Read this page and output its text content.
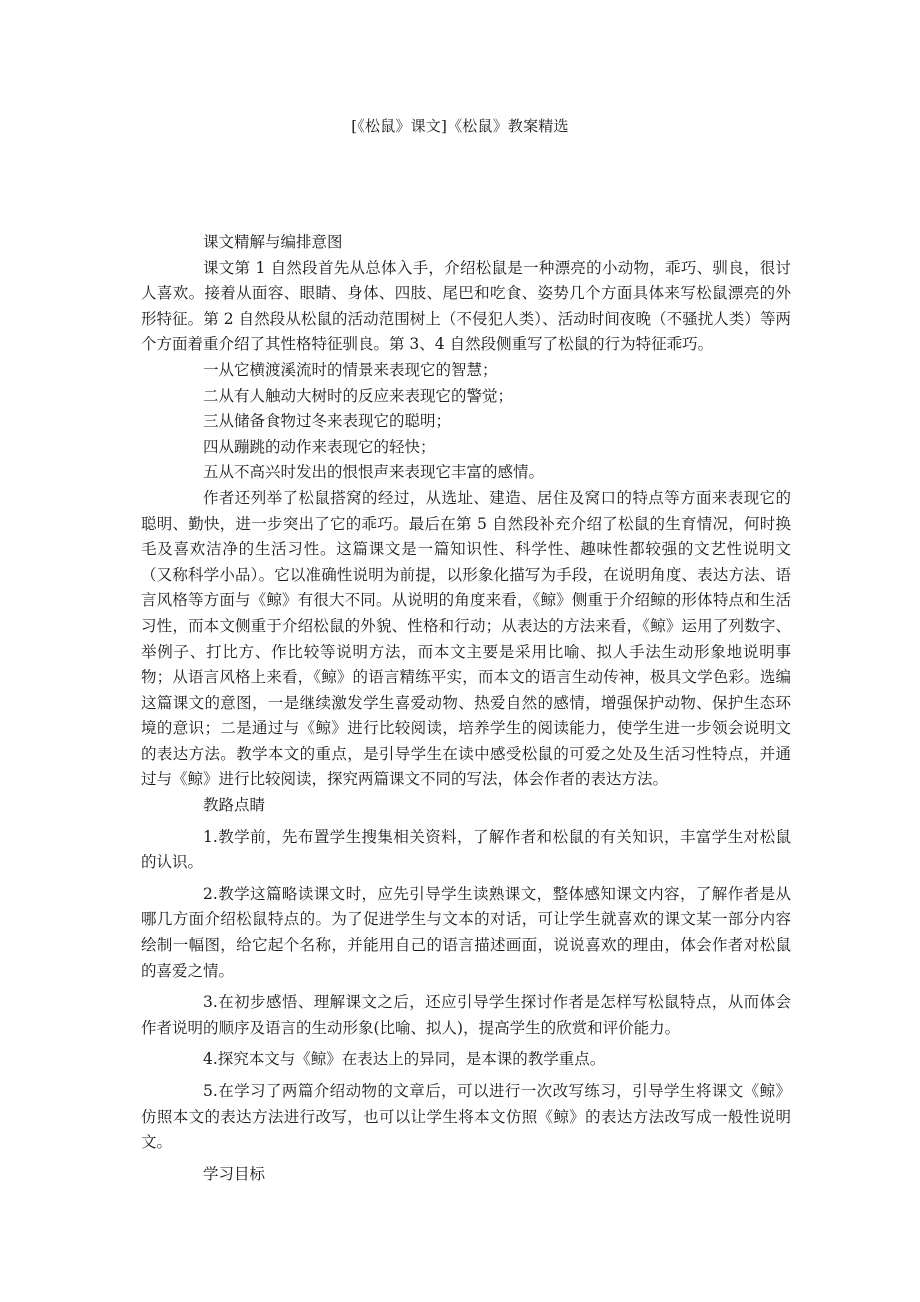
[《松鼠》课文]《松鼠》教案精选

课文精解与编排意图

课文第 1 自然段首先从总体入手，介绍松鼠是一种漂亮的小动物，乖巧、驯良，很讨人喜欢。接着从面容、眼睛、身体、四肢、尾巴和吃食、姿势几个方面具体来写松鼠漂亮的外形特征。第 2 自然段从松鼠的活动范围树上（不侵犯人类）、活动时间夜晚（不骚扰人类）等两个方面着重介绍了其性格特征驯良。第 3、4 自然段侧重写了松鼠的行为特征乖巧。

一从它横渡溪流时的情景来表现它的智慧；

二从有人触动大树时的反应来表现它的警觉；

三从储备食物过冬来表现它的聪明；

四从蹦跳的动作来表现它的轻快；

五从不高兴时发出的恨恨声来表现它丰富的感情。

作者还列举了松鼠搭窝的经过，从选址、建造、居住及窝口的特点等方面来表现它的聪明、勤快，进一步突出了它的乖巧。最后在第 5 自然段补充介绍了松鼠的生育情况，何时换毛及喜欢洁净的生活习性。这篇课文是一篇知识性、科学性、趣味性都较强的文艺性说明文（又称科学小品）。它以准确性说明为前提，以形象化描写为手段，在说明角度、表达方法、语言风格等方面与《鲸》有很大不同。从说明的角度来看，《鲸》侧重于介绍鲸的形体特点和生活习性，而本文侧重于介绍松鼠的外貌、性格和行动；从表达的方法来看，《鲸》运用了列数字、举例子、打比方、作比较等说明方法，而本文主要是采用比喻、拟人手法生动形象地说明事物；从语言风格上来看，《鲸》的语言精练平实，而本文的语言生动传神，极具文学色彩。选编这篇课文的意图，一是继续激发学生喜爱动物、热爱自然的感情，增强保护动物、保护生态环境的意识；二是通过与《鲸》进行比较阅读，培养学生的阅读能力，使学生进一步领会说明文的表达方法。教学本文的重点，是引导学生在读中感受松鼠的可爱之处及生活习性特点，并通过与《鲸》进行比较阅读，探究两篇课文不同的写法，体会作者的表达方法。

教路点睛

1.教学前，先布置学生搜集相关资料，了解作者和松鼠的有关知识，丰富学生对松鼠的认识。

2.教学这篇略读课文时，应先引导学生读熟课文，整体感知课文内容，了解作者是从哪几方面介绍松鼠特点的。为了促进学生与文本的对话，可让学生就喜欢的课文某一部分内容绘制一幅图，给它起个名称，并能用自己的语言描述画面，说说喜欢的理由，体会作者对松鼠的喜爱之情。

3.在初步感悟、理解课文之后，还应引导学生探讨作者是怎样写松鼠特点，从而体会作者说明的顺序及语言的生动形象(比喻、拟人)，提高学生的欣赏和评价能力。

4.探究本文与《鲸》在表达上的异同，是本课的教学重点。

5.在学习了两篇介绍动物的文章后，可以进行一次改写练习，引导学生将课文《鲸》仿照本文的表达方法进行改写，也可以让学生将本文仿照《鲸》的表达方法改写成一般性说明文。

学习目标
